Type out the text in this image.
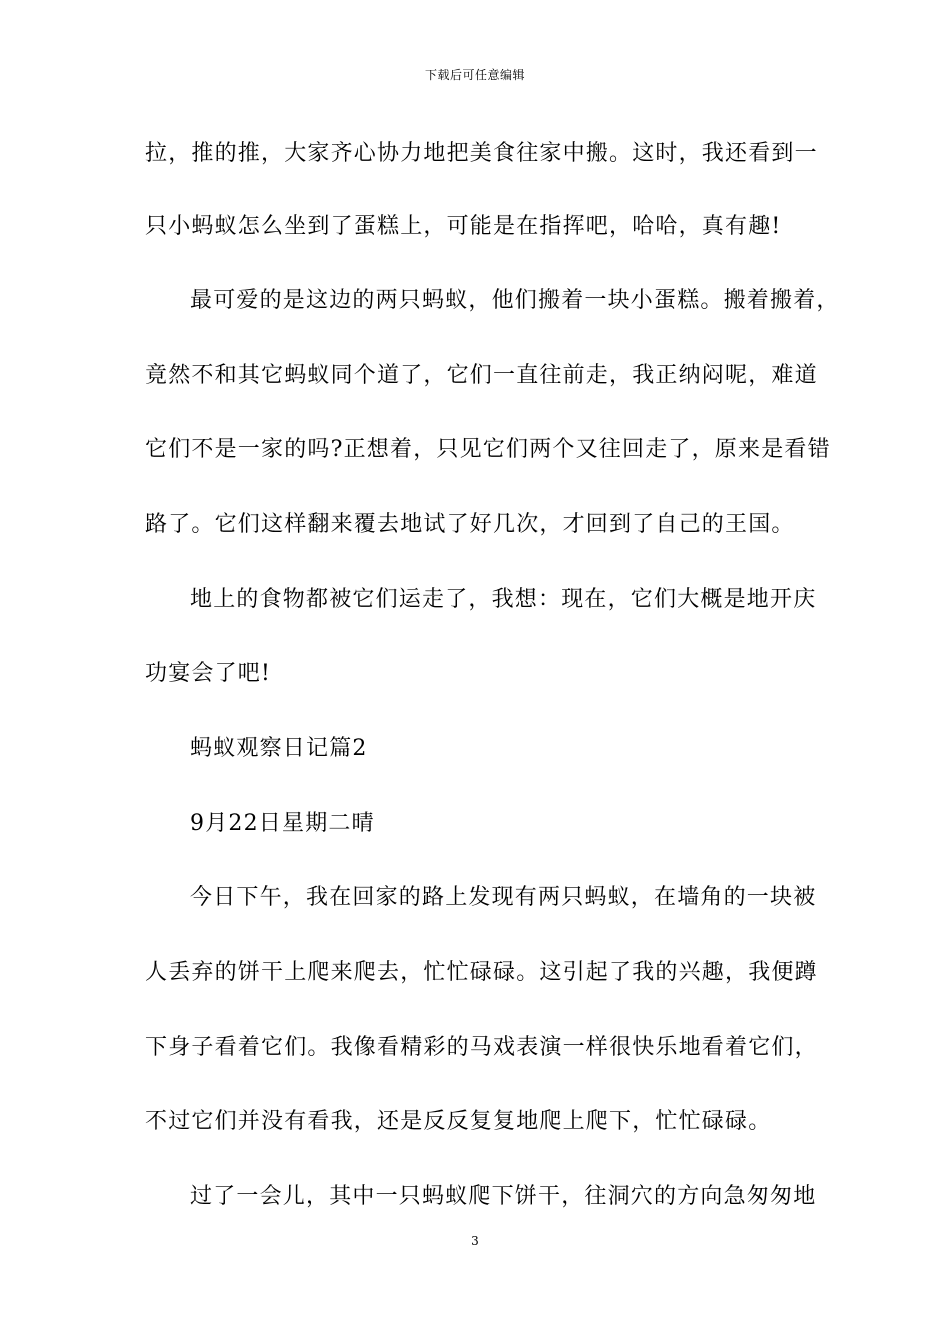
下载后可任意编辑
拉，推的推，大家齐心协力地把美食往家中搬。这时，我还看到一
只小蚂蚁怎么坐到了蛋糕上，可能是在指挥吧，哈哈，真有趣!
最可爱的是这边的两只蚂蚁，他们搬着一块小蛋糕。搬着搬着，
竟然不和其它蚂蚁同个道了，它们一直往前走，我正纳闷呢，难道
它们不是一家的吗?正想着，只见它们两个又往回走了，原来是看错
路了。它们这样翻来覆去地试了好几次，才回到了自己的王国。
地上的食物都被它们运走了，我想：现在，它们大概是地开庆
功宴会了吧!
蚂蚁观察日记篇2
9月22日星期二晴
今日下午，我在回家的路上发现有两只蚂蚁，在墙角的一块被
人丢弃的饼干上爬来爬去，忙忙碌碌。这引起了我的兴趣，我便蹲
下身子看着它们。我像看精彩的马戏表演一样很快乐地看着它们，
不过它们并没有看我，还是反反复复地爬上爬下，忙忙碌碌。
过了一会儿，其中一只蚂蚁爬下饼干，往洞穴的方向急匆匆地
3
